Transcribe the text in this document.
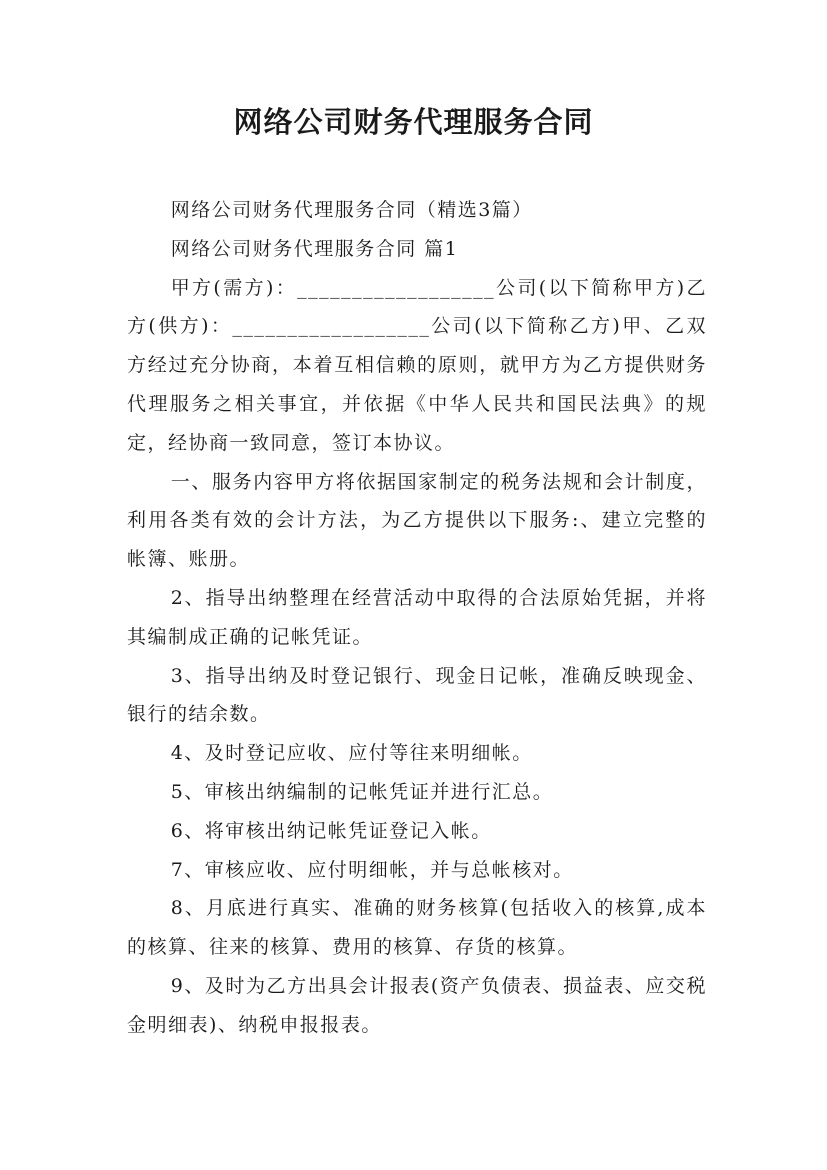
网络公司财务代理服务合同

网络公司财务代理服务合同（精选3篇）

网络公司财务代理服务合同 篇1

甲方(需方)：__________________公司(以下简称甲方)乙方(供方)：__________________公司(以下简称乙方)甲、乙双方经过充分协商，本着互相信赖的原则，就甲方为乙方提供财务代理服务之相关事宜，并依据《中华人民共和国民法典》的规定，经协商一致同意，签订本协议。

一、服务内容甲方将依据国家制定的税务法规和会计制度，利用各类有效的会计方法，为乙方提供以下服务:、建立完整的帐簿、账册。

2、指导出纳整理在经营活动中取得的合法原始凭据，并将其编制成正确的记帐凭证。

3、指导出纳及时登记银行、现金日记帐，准确反映现金、银行的结余数。

4、及时登记应收、应付等往来明细帐。

5、审核出纳编制的记帐凭证并进行汇总。

6、将审核出纳记帐凭证登记入帐。

7、审核应收、应付明细帐，并与总帐核对。

8、月底进行真实、准确的财务核算(包括收入的核算,成本的核算、往来的核算、费用的核算、存货的核算。

9、及时为乙方出具会计报表(资产负债表、损益表、应交税金明细表)、纳税申报报表。
